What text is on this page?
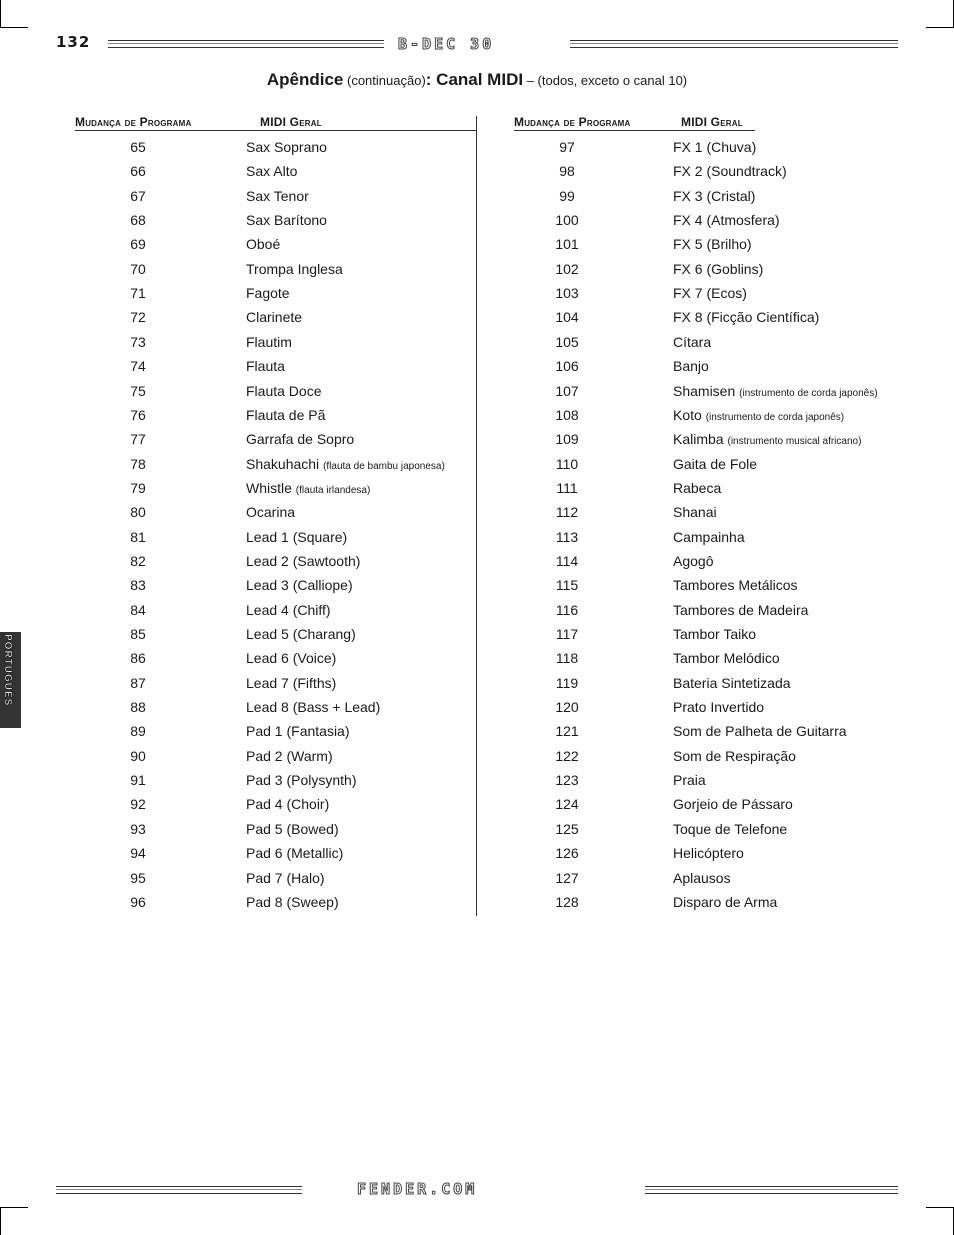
132	B-DEC 30
Apêndice (continuação): Canal MIDI – (todos, exceto o canal 10)
Mudança de Programa	MIDI Geral	Mudança de Programa	MIDI Geral
65	Sax Soprano
66	Sax Alto
67	Sax Tenor
68	Sax Barítono
69	Oboé
70	Trompa Inglesa
71	Fagote
72	Clarinete
73	Flautim
74	Flauta
75	Flauta Doce
76	Flauta de Pã
77	Garrafa de Sopro
78	Shakuhachi (flauta de bambu japonesa)
79	Whistle (flauta irlandesa)
80	Ocarina
81	Lead 1 (Square)
82	Lead 2 (Sawtooth)
83	Lead 3 (Calliope)
84	Lead 4 (Chiff)
85	Lead 5 (Charang)
86	Lead 6 (Voice)
87	Lead 7 (Fifths)
88	Lead 8 (Bass + Lead)
89	Pad 1 (Fantasia)
90	Pad 2 (Warm)
91	Pad 3 (Polysynth)
92	Pad 4 (Choir)
93	Pad 5 (Bowed)
94	Pad 6 (Metallic)
95	Pad 7 (Halo)
96	Pad 8 (Sweep)
97	FX 1 (Chuva)
98	FX 2 (Soundtrack)
99	FX 3 (Cristal)
100	FX 4 (Atmosfera)
101	FX 5 (Brilho)
102	FX 6 (Goblins)
103	FX 7 (Ecos)
104	FX 8 (Ficção Científica)
105	Cítara
106	Banjo
107	Shamisen (instrumento de corda japonês)
108	Koto (instrumento de corda japonês)
109	Kalimba (instrumento musical africano)
110	Gaita de Fole
111	Rabeca
112	Shanai
113	Campainha
114	Agogô
115	Tambores Metálicos
116	Tambores de Madeira
117	Tambor Taiko
118	Tambor Melódico
119	Bateria Sintetizada
120	Prato Invertido
121	Som de Palheta de Guitarra
122	Som de Respiração
123	Praia
124	Gorjeio de Pássaro
125	Toque de Telefone
126	Helicóptero
127	Aplausos
128	Disparo de Arma
PORTUGUÊS
FENDER.COM
